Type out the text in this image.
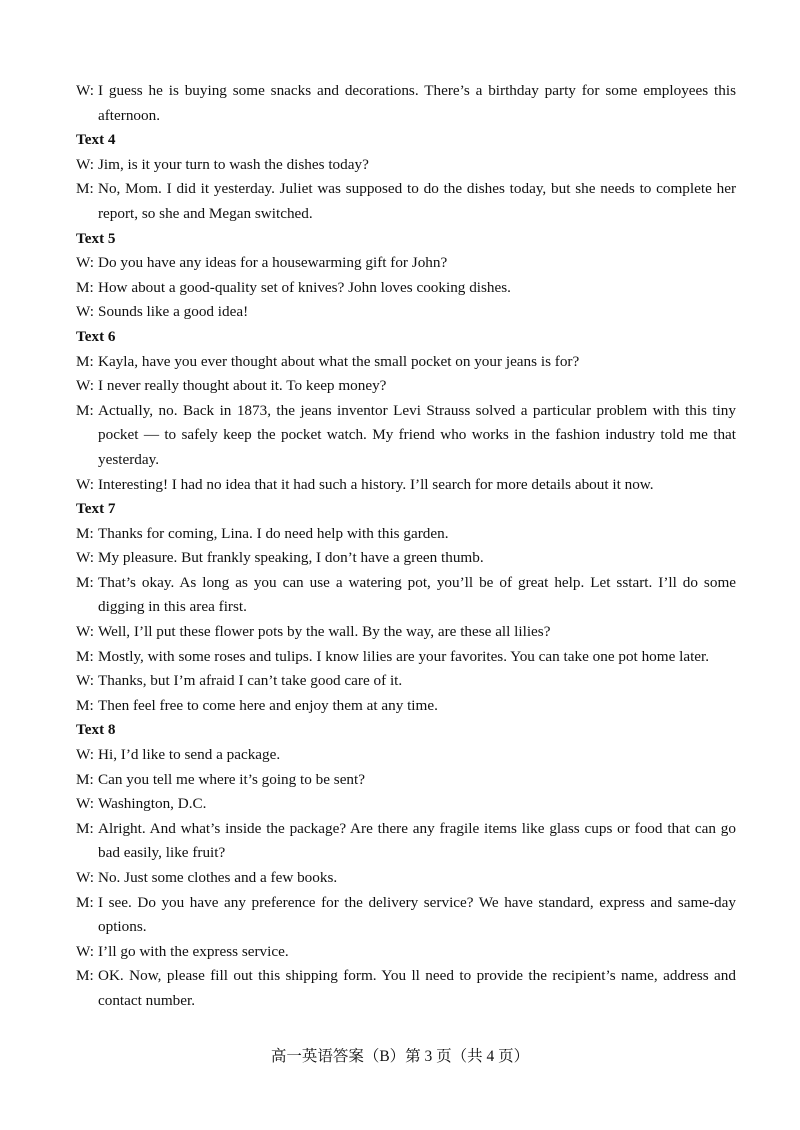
W: I guess he is buying some snacks and decorations. There’s a birthday party for some employees this afternoon.
Text 4
W: Jim, is it your turn to wash the dishes today?
M: No, Mom. I did it yesterday. Juliet was supposed to do the dishes today, but she needs to complete her report, so she and Megan switched.
Text 5
W: Do you have any ideas for a housewarming gift for John?
M: How about a good-quality set of knives? John loves cooking dishes.
W: Sounds like a good idea!
Text 6
M: Kayla, have you ever thought about what the small pocket on your jeans is for?
W: I never really thought about it. To keep money?
M: Actually, no. Back in 1873, the jeans inventor Levi Strauss solved a particular problem with this tiny pocket — to safely keep the pocket watch. My friend who works in the fashion industry told me that yesterday.
W: Interesting! I had no idea that it had such a history. I’ll search for more details about it now.
Text 7
M: Thanks for coming, Lina. I do need help with this garden.
W: My pleasure. But frankly speaking, I don’t have a green thumb.
M: That’s okay. As long as you can use a watering pot, you’ll be of great help. Let sstart. I’ll do some digging in this area first.
W: Well, I’ll put these flower pots by the wall. By the way, are these all lilies?
M: Mostly, with some roses and tulips. I know lilies are your favorites. You can take one pot home later.
W: Thanks, but I’m afraid I can’t take good care of it.
M: Then feel free to come here and enjoy them at any time.
Text 8
W: Hi, I’d like to send a package.
M: Can you tell me where it’s going to be sent?
W: Washington, D.C.
M: Alright. And what’s inside the package? Are there any fragile items like glass cups or food that can go bad easily, like fruit?
W: No. Just some clothes and a few books.
M: I see. Do you have any preference for the delivery service? We have standard, express and same-day options.
W: I’ll go with the express service.
M: OK. Now, please fill out this shipping form. You ll need to provide the recipient’s name, address and contact number.
高一英语答案（B）第 3 页（共 4 页）
